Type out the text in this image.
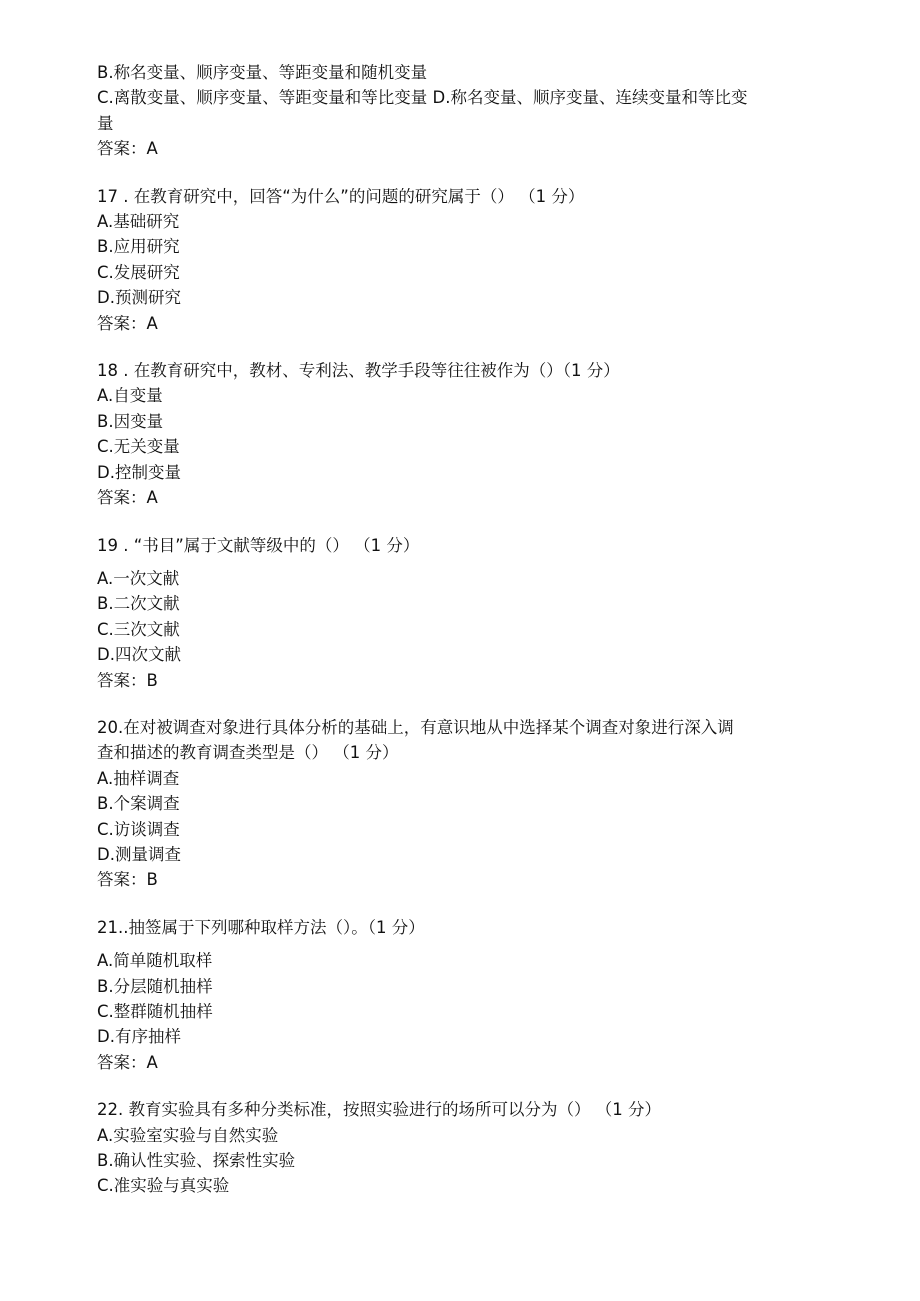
B.称名变量、顺序变量、等距变量和随机变量

C.离散变量、顺序变量、等距变量和等比变量 D.称名变量、顺序变量、连续变量和等比变

量

答案：A

17 . 在教育研究中，回答“为什么”的问题的研究属于（） （1 分）

A.基础研究

B.应用研究

C.发展研究

D.预测研究

答案：A

18 . 在教育研究中，教材、专利法、教学手段等往往被作为（）（1 分）

A.自变量

B.因变量

C.无关变量

D.控制变量

答案：A

19 . “书目”属于文献等级中的（） （1 分）

A.一次文献

B.二次文献

C.三次文献

D.四次文献

答案：B

20.在对被调查对象进行具体分析的基础上，有意识地从中选择某个调查对象进行深入调

查和描述的教育调查类型是（） （1 分）

A.抽样调查

B.个案调查

C.访谈调查

D.测量调查

答案：B

21..抽签属于下列哪种取样方法（）。（1 分）

A.简单随机取样

B.分层随机抽样

C.整群随机抽样

D.有序抽样

答案：A

22. 教育实验具有多种分类标准，按照实验进行的场所可以分为（） （1 分）

A.实验室实验与自然实验

B.确认性实验、探索性实验

C.准实验与真实验
